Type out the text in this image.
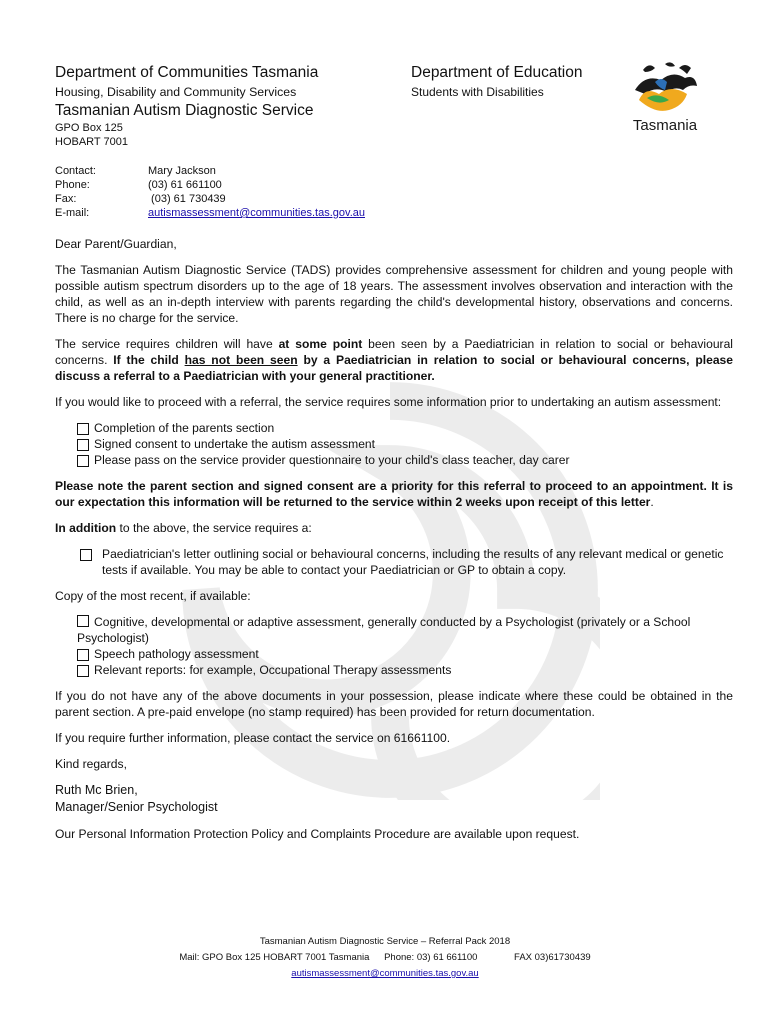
Department of Communities Tasmania
Housing, Disability and Community Services
Tasmanian Autism Diagnostic Service
GPO Box 125
HOBART 7001
Department of Education
Students with Disabilities
Tasmania
Contact:	Mary Jackson
Phone:	(03) 61 661100
Fax:	(03) 61 730439
E-mail:	autismassessment@communities.tas.gov.au

Dear Parent/Guardian,

The Tasmanian Autism Diagnostic Service (TADS) provides comprehensive assessment for children and young people with possible autism spectrum disorders up to the age of 18 years. The assessment involves observation and interaction with the child, as well as an in-depth interview with parents regarding the child's developmental history, observations and concerns. There is no charge for the service.

The service requires children will have at some point been seen by a Paediatrician in relation to social or behavioural concerns. If the child has not been seen by a Paediatrician in relation to social or behavioural concerns, please discuss a referral to a Paediatrician with your general practitioner.

If you would like to proceed with a referral, the service requires some information prior to undertaking an autism assessment:

Completion of the parents section
Signed consent to undertake the autism assessment
Please pass on the service provider questionnaire to your child's class teacher, day carer

Please note the parent section and signed consent are a priority for this referral to proceed to an appointment. It is our expectation this information will be returned to the service within 2 weeks upon receipt of this letter.

In addition to the above, the service requires a:

Paediatrician's letter outlining social or behavioural concerns, including the results of any relevant medical or genetic tests if available. You may be able to contact your Paediatrician or GP to obtain a copy.

Copy of the most recent, if available:

Cognitive, developmental or adaptive assessment, generally conducted by a Psychologist (privately or a School Psychologist)
Speech pathology assessment
Relevant reports: for example, Occupational Therapy assessments

If you do not have any of the above documents in your possession, please indicate where these could be obtained in the parent section. A pre-paid envelope (no stamp required) has been provided for return documentation.

If you require further information, please contact the service on 61661100.

Kind regards,

Ruth Mc Brien,
Manager/Senior Psychologist

Our Personal Information Protection Policy and Complaints Procedure are available upon request.

Tasmanian Autism Diagnostic Service – Referral Pack 2018
Mail: GPO Box 125 HOBART 7001 Tasmania Phone: 03) 61 661100	FAX 03)61730439
autismassessment@communities.tas.gov.au
